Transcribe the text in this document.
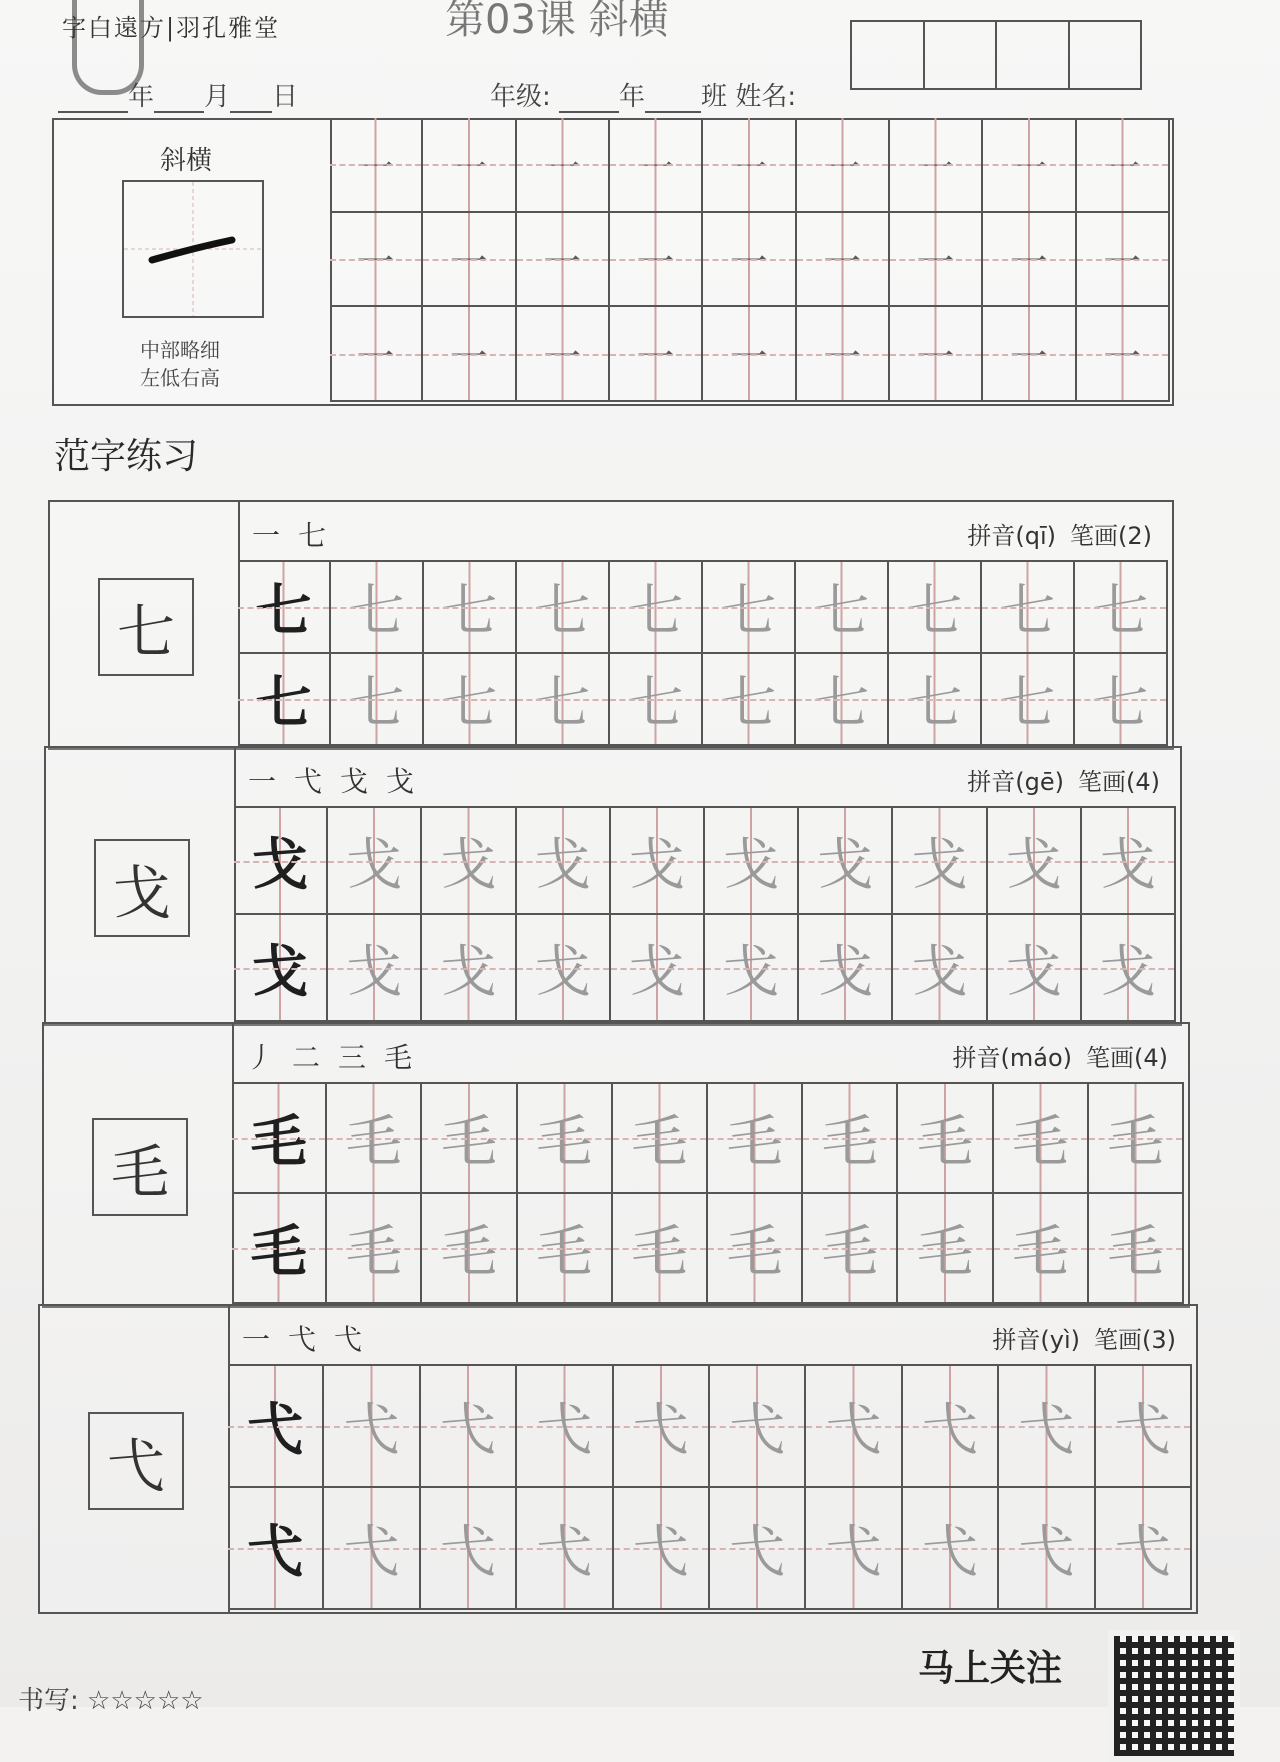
字白遠方|羽孔雅堂	第03课 斜横
年 月 日	年级:	年 班 姓名:
斜横
中部略细
左低右高
一	一	一	一	一	一	一	一	一
一	一	一	一	一	一	一	一	一
一	一	一	一	一	一	一	一	一
范字练习
七
一七	拼音(qī) 笔画(2)
七 七 七 七 七 七 七 七 七 七
七 七 七 七 七 七 七 七 七 七
戈
一弋戈戈	拼音(gē) 笔画(4)
戈 戈 戈 戈 戈 戈 戈 戈 戈 戈
戈 戈 戈 戈 戈 戈 戈 戈 戈 戈
毛
丿二三毛	拼音(máo) 笔画(4)
毛 毛 毛 毛 毛 毛 毛 毛 毛 毛
毛 毛 毛 毛 毛 毛 毛 毛 毛 毛
弋
一弋弋	拼音(yì) 笔画(3)
弋 弋 弋 弋 弋 弋 弋 弋 弋 弋
弋 弋 弋 弋 弋 弋 弋 弋 弋 弋
马上关注
书写: ☆☆☆☆☆
